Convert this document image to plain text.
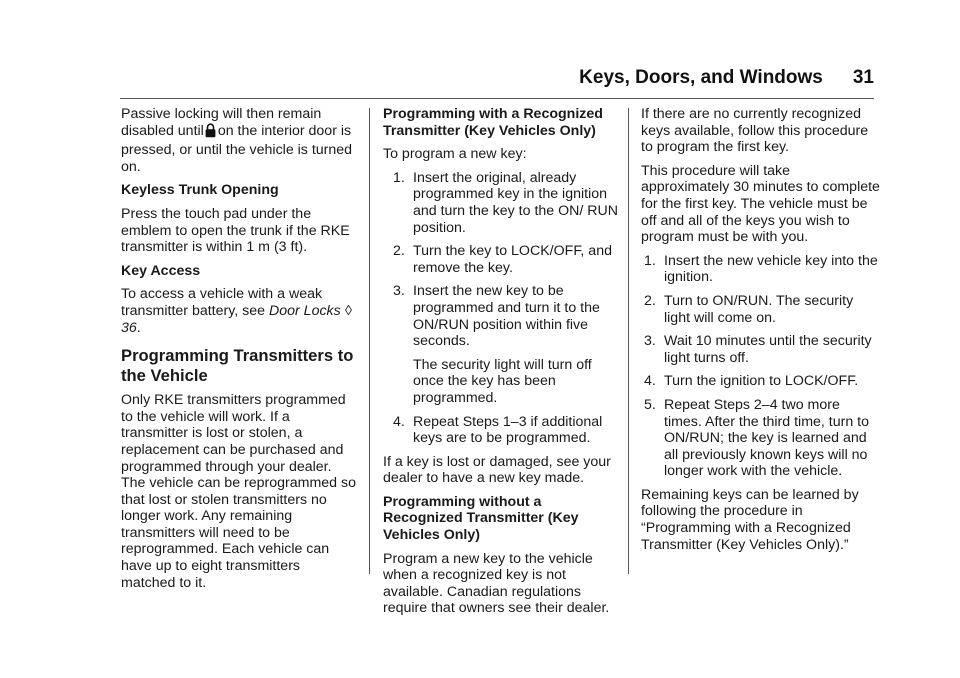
Keys, Doors, and Windows 31

Passive locking will then remain disabled until on the interior door is pressed, or until the vehicle is turned on.

Keyless Trunk Opening

Press the touch pad under the emblem to open the trunk if the RKE transmitter is within 1 m (3 ft).

Key Access

To access a vehicle with a weak transmitter battery, see Door Locks ◊ 36.

Programming Transmitters to the Vehicle

Only RKE transmitters programmed to the vehicle will work. If a transmitter is lost or stolen, a replacement can be purchased and programmed through your dealer. The vehicle can be reprogrammed so that lost or stolen transmitters no longer work. Any remaining transmitters will need to be reprogrammed. Each vehicle can have up to eight transmitters matched to it.

Programming with a Recognized Transmitter (Key Vehicles Only)

To program a new key:

1. Insert the original, already programmed key in the ignition and turn the key to the ON/ RUN position.
2. Turn the key to LOCK/OFF, and remove the key.
3. Insert the new key to be programmed and turn it to the ON/RUN position within five seconds.
The security light will turn off once the key has been programmed.
4. Repeat Steps 1–3 if additional keys are to be programmed.

If a key is lost or damaged, see your dealer to have a new key made.

Programming without a Recognized Transmitter (Key Vehicles Only)

Program a new key to the vehicle when a recognized key is not available. Canadian regulations require that owners see their dealer.

If there are no currently recognized keys available, follow this procedure to program the first key.

This procedure will take approximately 30 minutes to complete for the first key. The vehicle must be off and all of the keys you wish to program must be with you.

1. Insert the new vehicle key into the ignition.
2. Turn to ON/RUN. The security light will come on.
3. Wait 10 minutes until the security light turns off.
4. Turn the ignition to LOCK/OFF.
5. Repeat Steps 2–4 two more times. After the third time, turn to ON/RUN; the key is learned and all previously known keys will no longer work with the vehicle.

Remaining keys can be learned by following the procedure in “Programming with a Recognized Transmitter (Key Vehicles Only).”
